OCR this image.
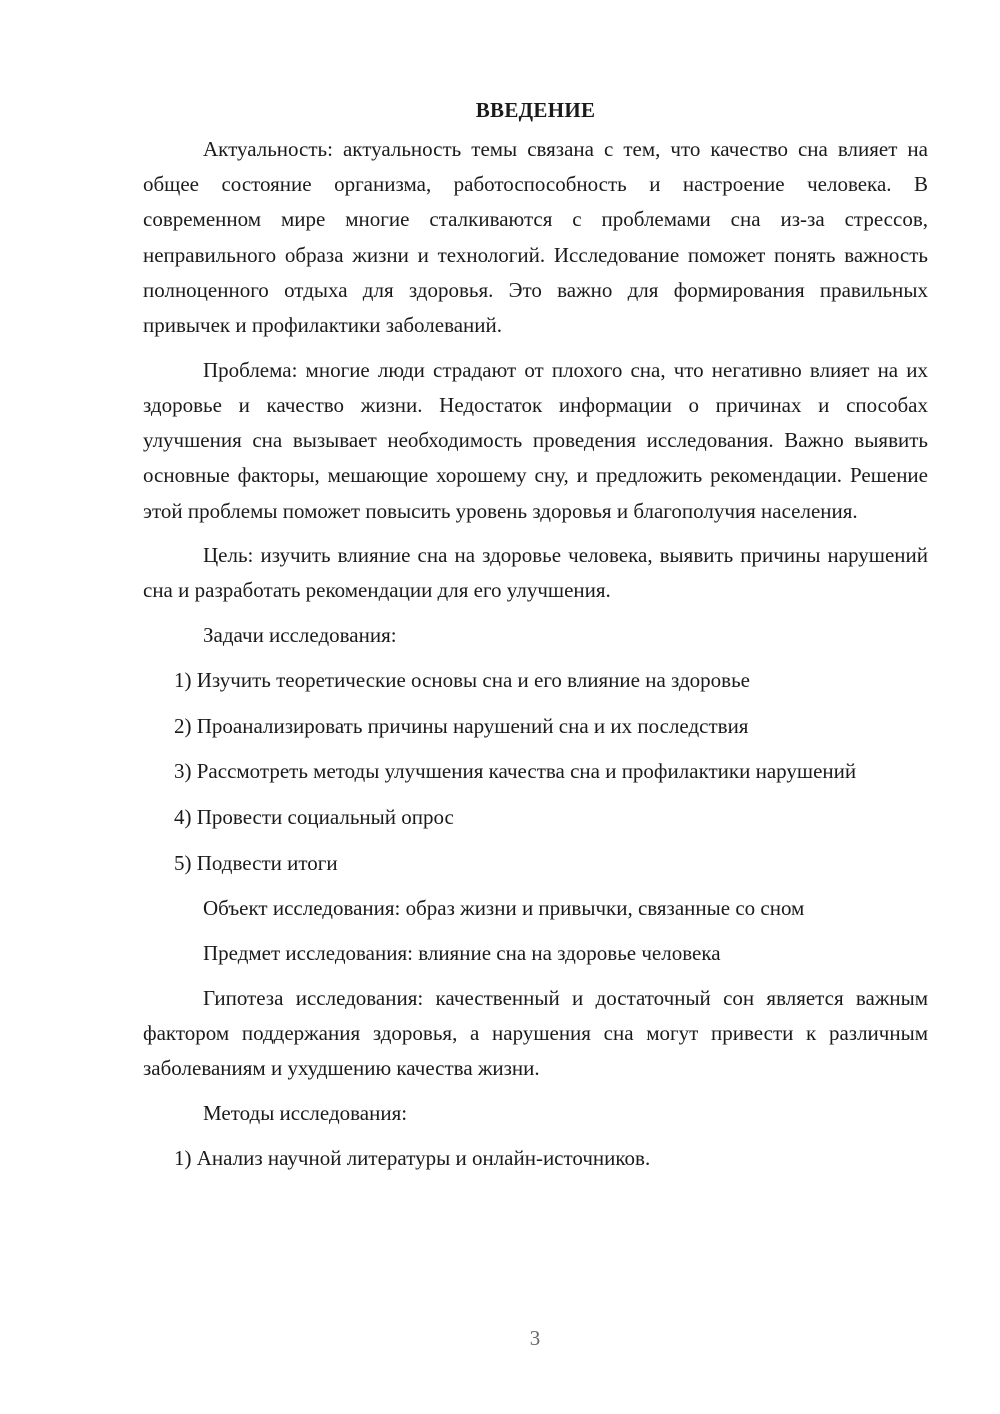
ВВЕДЕНИЕ

Актуальность: актуальность темы связана с тем, что качество сна влияет на общее состояние организма, работоспособность и настроение человека. В современном мире многие сталкиваются с проблемами сна из-за стрессов, неправильного образа жизни и технологий. Исследование поможет понять важность полноценного отдыха для здоровья. Это важно для формирования правильных привычек и профилактики заболеваний.

Проблема: многие люди страдают от плохого сна, что негативно влияет на их здоровье и качество жизни. Недостаток информации о причинах и способах улучшения сна вызывает необходимость проведения исследования. Важно выявить основные факторы, мешающие хорошему сну, и предложить рекомендации. Решение этой проблемы поможет повысить уровень здоровья и благополучия населения.

Цель: изучить влияние сна на здоровье человека, выявить причины нарушений сна и разработать рекомендации для его улучшения.

Задачи исследования:

1) Изучить теоретические основы сна и его влияние на здоровье

2) Проанализировать причины нарушений сна и их последствия

3) Рассмотреть методы улучшения качества сна и профилактики нарушений

4) Провести социальный опрос

5) Подвести итоги

Объект исследования: образ жизни и привычки, связанные со сном

Предмет исследования: влияние сна на здоровье человека

Гипотеза исследования: качественный и достаточный сон является важным фактором поддержания здоровья, а нарушения сна могут привести к различным заболеваниям и ухудшению качества жизни.

Методы исследования:

1) Анализ научной литературы и онлайн-источников.

3
